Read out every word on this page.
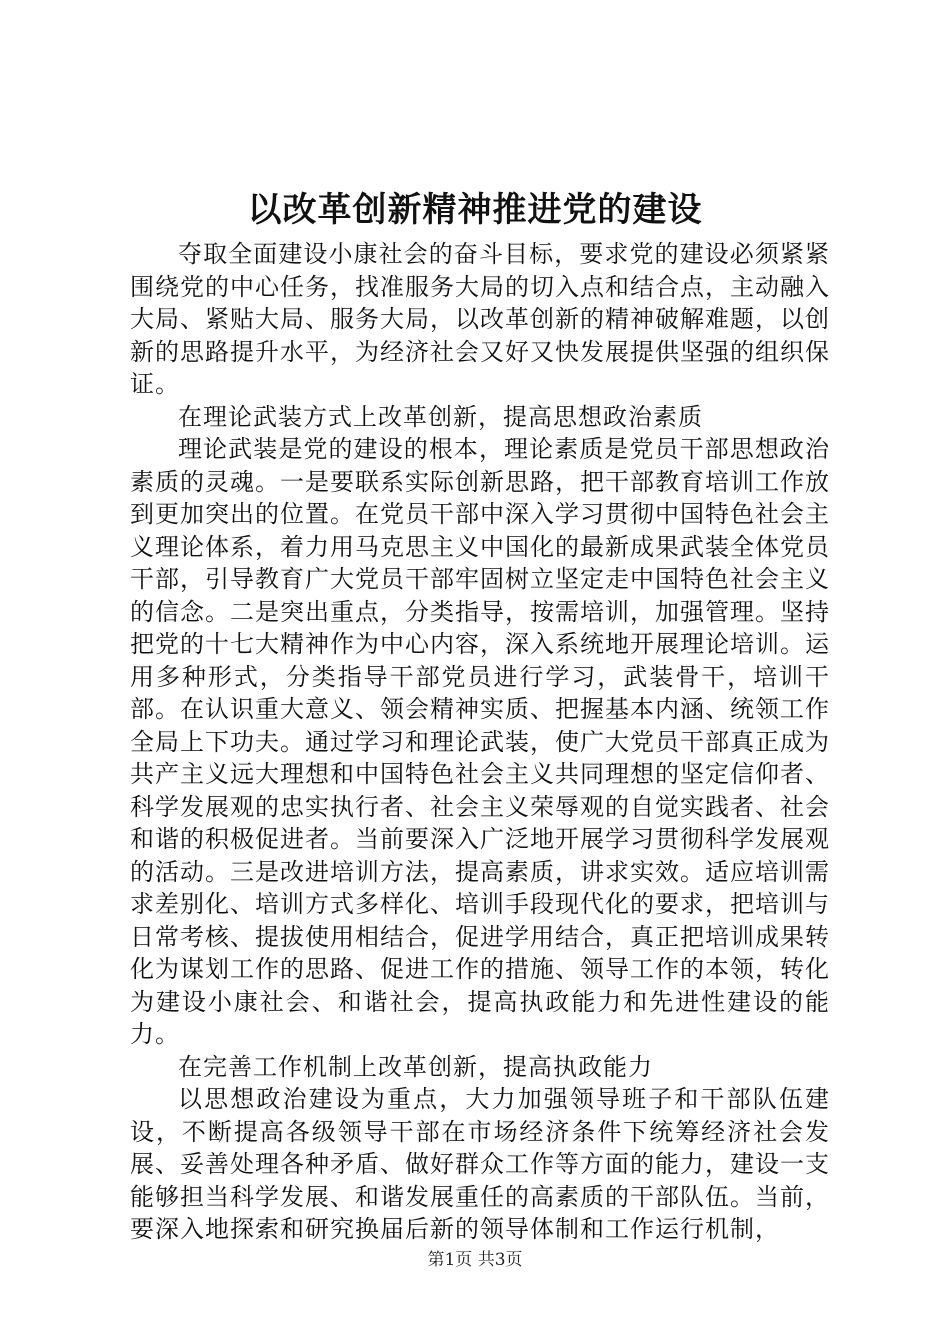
以改革创新精神推进党的建设

夺取全面建设小康社会的奋斗目标，要求党的建设必须紧紧围绕党的中心任务，找准服务大局的切入点和结合点，主动融入大局、紧贴大局、服务大局，以改革创新的精神破解难题，以创新的思路提升水平，为经济社会又好又快发展提供坚强的组织保证。

在理论武装方式上改革创新，提高思想政治素质

理论武装是党的建设的根本，理论素质是党员干部思想政治素质的灵魂。一是要联系实际创新思路，把干部教育培训工作放到更加突出的位置。在党员干部中深入学习贯彻中国特色社会主义理论体系，着力用马克思主义中国化的最新成果武装全体党员干部，引导教育广大党员干部牢固树立坚定走中国特色社会主义的信念。二是突出重点，分类指导，按需培训，加强管理。坚持把党的十七大精神作为中心内容，深入系统地开展理论培训。运用多种形式，分类指导干部党员进行学习，武装骨干，培训干部。在认识重大意义、领会精神实质、把握基本内涵、统领工作全局上下功夫。通过学习和理论武装，使广大党员干部真正成为共产主义远大理想和中国特色社会主义共同理想的坚定信仰者、科学发展观的忠实执行者、社会主义荣辱观的自觉实践者、社会和谐的积极促进者。当前要深入广泛地开展学习贯彻科学发展观的活动。三是改进培训方法，提高素质，讲求实效。适应培训需求差别化、培训方式多样化、培训手段现代化的要求，把培训与日常考核、提拔使用相结合，促进学用结合，真正把培训成果转化为谋划工作的思路、促进工作的措施、领导工作的本领，转化为建设小康社会、和谐社会，提高执政能力和先进性建设的能力。

在完善工作机制上改革创新，提高执政能力

以思想政治建设为重点，大力加强领导班子和干部队伍建设，不断提高各级领导干部在市场经济条件下统筹经济社会发展、妥善处理各种矛盾、做好群众工作等方面的能力，建设一支能够担当科学发展、和谐发展重任的高素质的干部队伍。当前，要深入地探索和研究换届后新的领导体制和工作运行机制，

第1页 共3页
